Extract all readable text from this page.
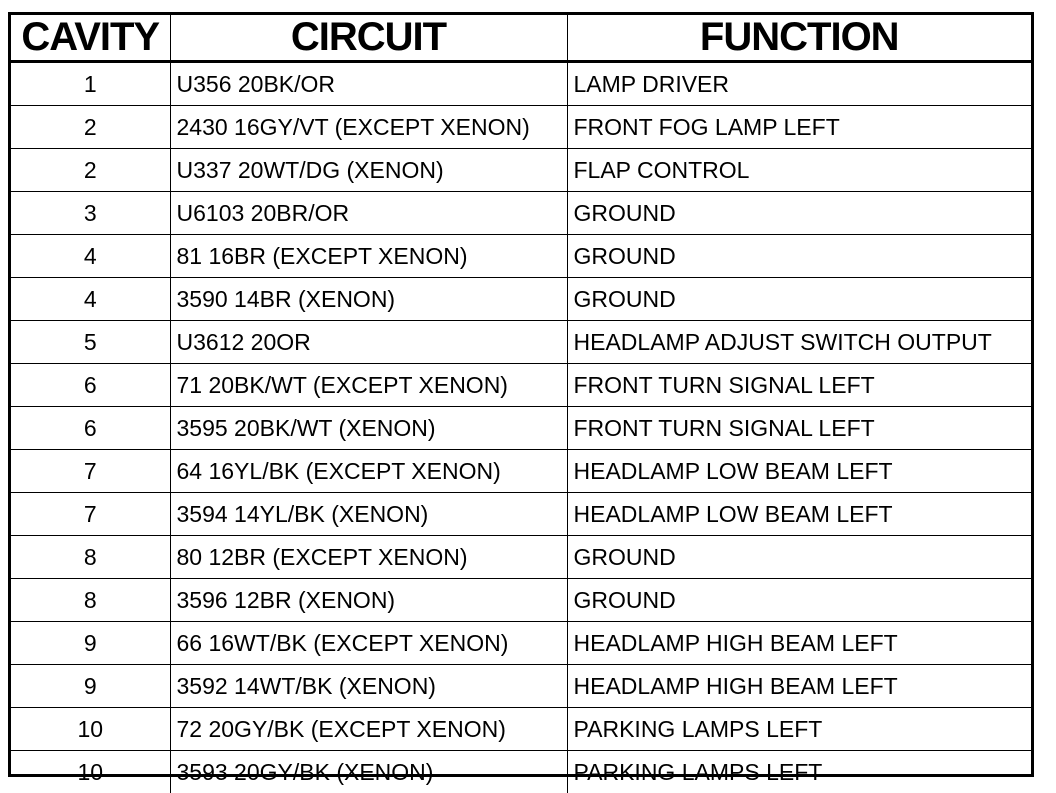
CAVITY	CIRCUIT	FUNCTION
1	U356 20BK/OR	LAMP DRIVER
2	2430 16GY/VT (EXCEPT XENON)	FRONT FOG LAMP LEFT
2	U337 20WT/DG (XENON)	FLAP CONTROL
3	U6103 20BR/OR	GROUND
4	81 16BR (EXCEPT XENON)	GROUND
4	3590 14BR (XENON)	GROUND
5	U3612 20OR	HEADLAMP ADJUST SWITCH OUTPUT
6	71 20BK/WT (EXCEPT XENON)	FRONT TURN SIGNAL LEFT
6	3595 20BK/WT (XENON)	FRONT TURN SIGNAL LEFT
7	64 16YL/BK (EXCEPT XENON)	HEADLAMP LOW BEAM LEFT
7	3594 14YL/BK (XENON)	HEADLAMP LOW BEAM LEFT
8	80 12BR (EXCEPT XENON)	GROUND
8	3596 12BR (XENON)	GROUND
9	66 16WT/BK (EXCEPT XENON)	HEADLAMP HIGH BEAM LEFT
9	3592 14WT/BK (XENON)	HEADLAMP HIGH BEAM LEFT
10	72 20GY/BK (EXCEPT XENON)	PARKING LAMPS LEFT
10	3593 20GY/BK (XENON)	PARKING LAMPS LEFT
